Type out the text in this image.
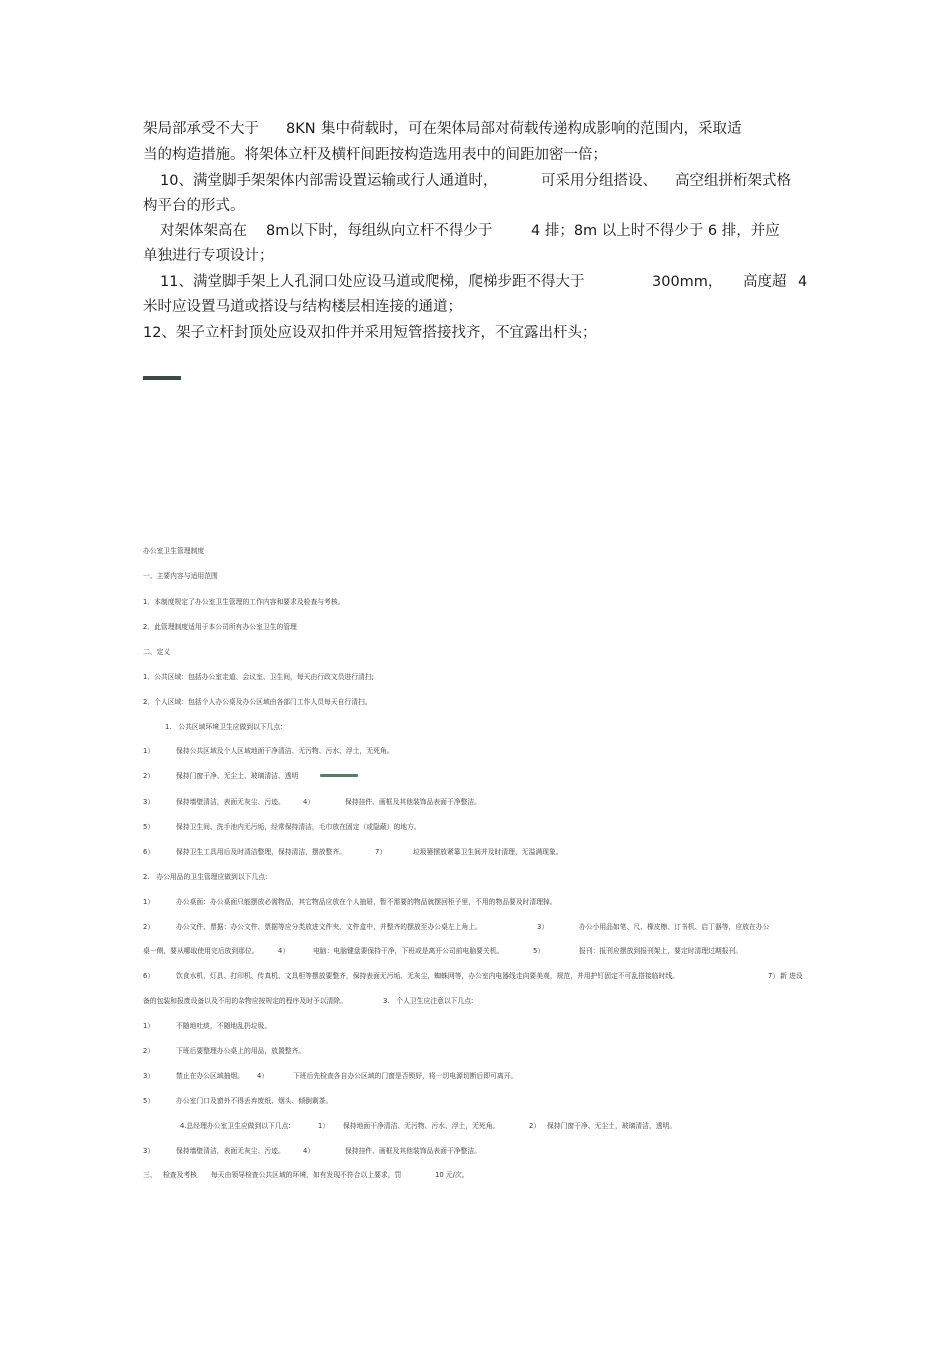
架局部承受不大于 8KN 集中荷载时，可在架体局部对荷载传递构成影响的范围内，采取适
当的构造措施。将架体立杆及横杆间距按构造选用表中的间距加密一倍；
10、满堂脚手架架体内部需设置运输或行人通道时，	可采用分组搭设、 高空组拼桁架式格
构平台的形式。
对架体架高在 8m以下时，每组纵向立杆不得少于	4 排；8m 以上时不得少于 6 排，并应
单独进行专项设计；
11、满堂脚手架上人孔洞口处应设马道或爬梯，爬梯步距不得大于	300mm， 高度超 4
米时应设置马道或搭设与结构楼层相连接的通道；
12、架子立杆封顶处应设双扣件并采用短管搭接找齐，不宜露出杆头；
办公室卫生管理制度
一、主要内容与适用范围
1．本制度规定了办公室卫生管理的工作内容和要求及检查与考核。
2．此管理制度适用于本公司所有办公室卫生的管理
二、定义
1．公共区域：包括办公室走道、会议室、卫生间，每天由行政文员进行清扫;
2．个人区域：包括个人办公桌及办公区域由各部门工作人员每天自行清扫。
1.　公共区域环境卫生应做到以下几点:
1）	保持公共区域及个人区域地面干净清洁、无污物、污水、浮土，无死角。
2）	保持门窗干净、无尘土、玻璃清洁、透明
3）	保持墙壁清洁，表面无灰尘、污迹。	4）	保持挂件、画框及其他装饰品表面干净整洁。
5）	保持卫生间、洗手池内无污垢，经常保持清洁，毛巾放在固定（或隐蔽）的地方。
6）	保持卫生工具用后及时清洁整理，保持清洁，摆放整齐。	7）	垃圾篓摆放紧靠卫生间并及时清理，无溢满现象。
2.　办公用品的卫生管理应做到以下几点:
1）	办公桌面：办公桌面只能摆放必需物品，其它物品应放在个人抽屉，暂不需要的物品就摆回柜子里，不用的物品要及时清理掉。
2）	办公文件、票据：办公文件、票据等应分类放进文件夹、文件盒中，并整齐的摆放至办公桌左上角上。	3）	办公小用品如笔、尺、橡皮檫、订书机、启丁器等，应放在办公
桌一侧，要从哪取使用完后放到那位。	4）	电脑：电脑键盘要保持干净，下班或是离开公司前电脑要关机。	5）	报刊：报刊应摆放到报刊架上，要定时清理过期报刊。
6）	饮食水机、灯具、打印机、传真机、文具柜等摆放要整齐，保持表面无污垢、无灰尘，蜘蛛网等，办公室内电器线走向要美观，规范，并用护钉固定不可乱搭接临时线。	7） 新 进设
备的包装和报废设备以及不用的杂物应按规定的程序及时予以清除。	3.　个人卫生应注意以下几点:
1）	不随地吐痰，不随地乱扔垃圾。
2）	下班后要整理办公桌上的用品，放置整齐。
3）	禁止在办公区域抽烟。 4）	下班后先检查各自办公区域的门窗是否锁好，将一切电源切断后即可离开。
5）	办公室门口及窗外不得丢弃废纸、烟头、倾倒剩茶。
4.总经理办公室卫生应做到以下几点:	1） 保持地面干净清洁、无污物、污水、浮土，无死角。	2） 保持门窗干净、无尘土，玻璃清洁，透明。
3）	保持墙壁清洁，表面无灰尘、污迹。	4）	保持挂件、画框及其他装饰品表面干净整洁。
三、 检查及考核 每天由领导检查公共区域的环境，如有发现不符合以上要求，罚	10 元/次。
